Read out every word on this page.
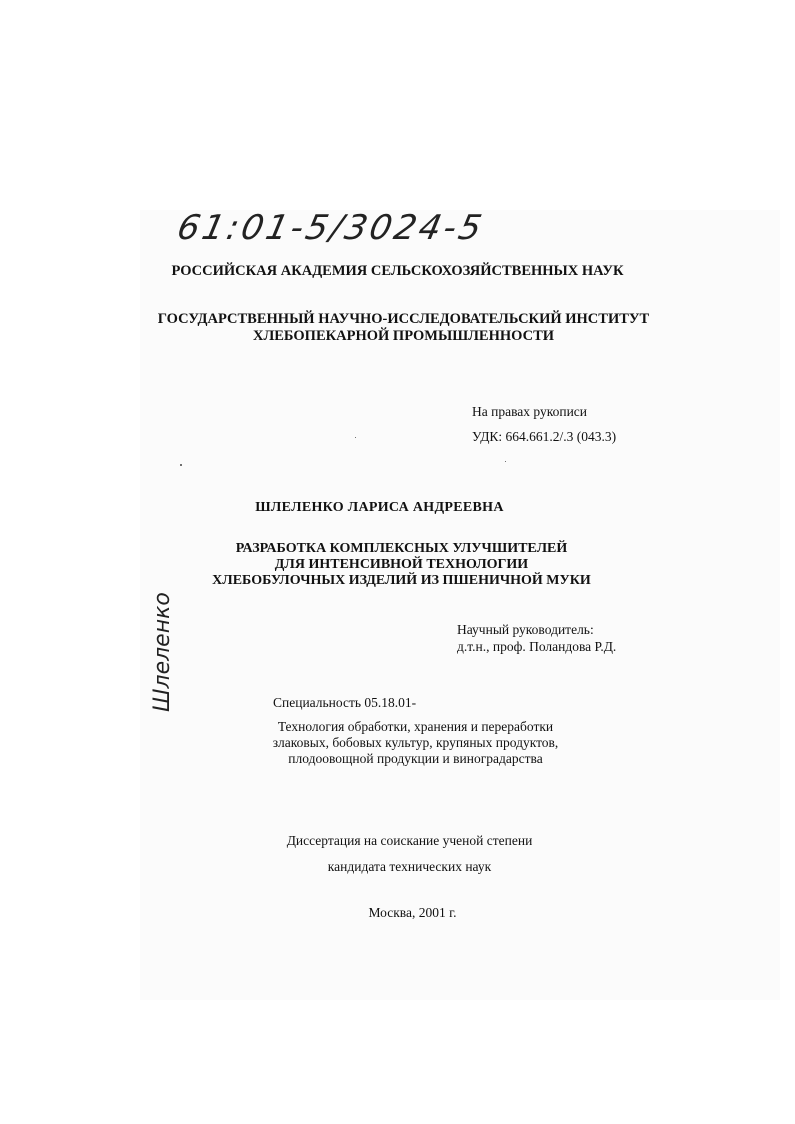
61:01-5/3024-5
Шлеленко
РОССИЙСКАЯ АКАДЕМИЯ СЕЛЬСКОХОЗЯЙСТВЕННЫХ НАУК
ГОСУДАРСТВЕННЫЙ НАУЧНО-ИССЛЕДОВАТЕЛЬСКИЙ ИНСТИТУТ
ХЛЕБОПЕКАРНОЙ ПРОМЫШЛЕННОСТИ
На правах рукописи
УДК: 664.661.2/.3 (043.3)
ШЛЕЛЕНКО ЛАРИСА АНДРЕЕВНА
РАЗРАБОТКА КОМПЛЕКСНЫХ УЛУЧШИТЕЛЕЙ
ДЛЯ ИНТЕНСИВНОЙ ТЕХНОЛОГИИ
ХЛЕБОБУЛОЧНЫХ ИЗДЕЛИЙ ИЗ ПШЕНИЧНОЙ МУКИ
Научный руководитель:
д.т.н., проф. Поландова Р.Д.
Специальность 05.18.01-
Технология обработки, хранения и переработки
злаковых, бобовых культур, крупяных продуктов,
плодоовощной продукции и виноградарства
Диссертация на соискание ученой степени
кандидата технических наук
Москва, 2001 г.
